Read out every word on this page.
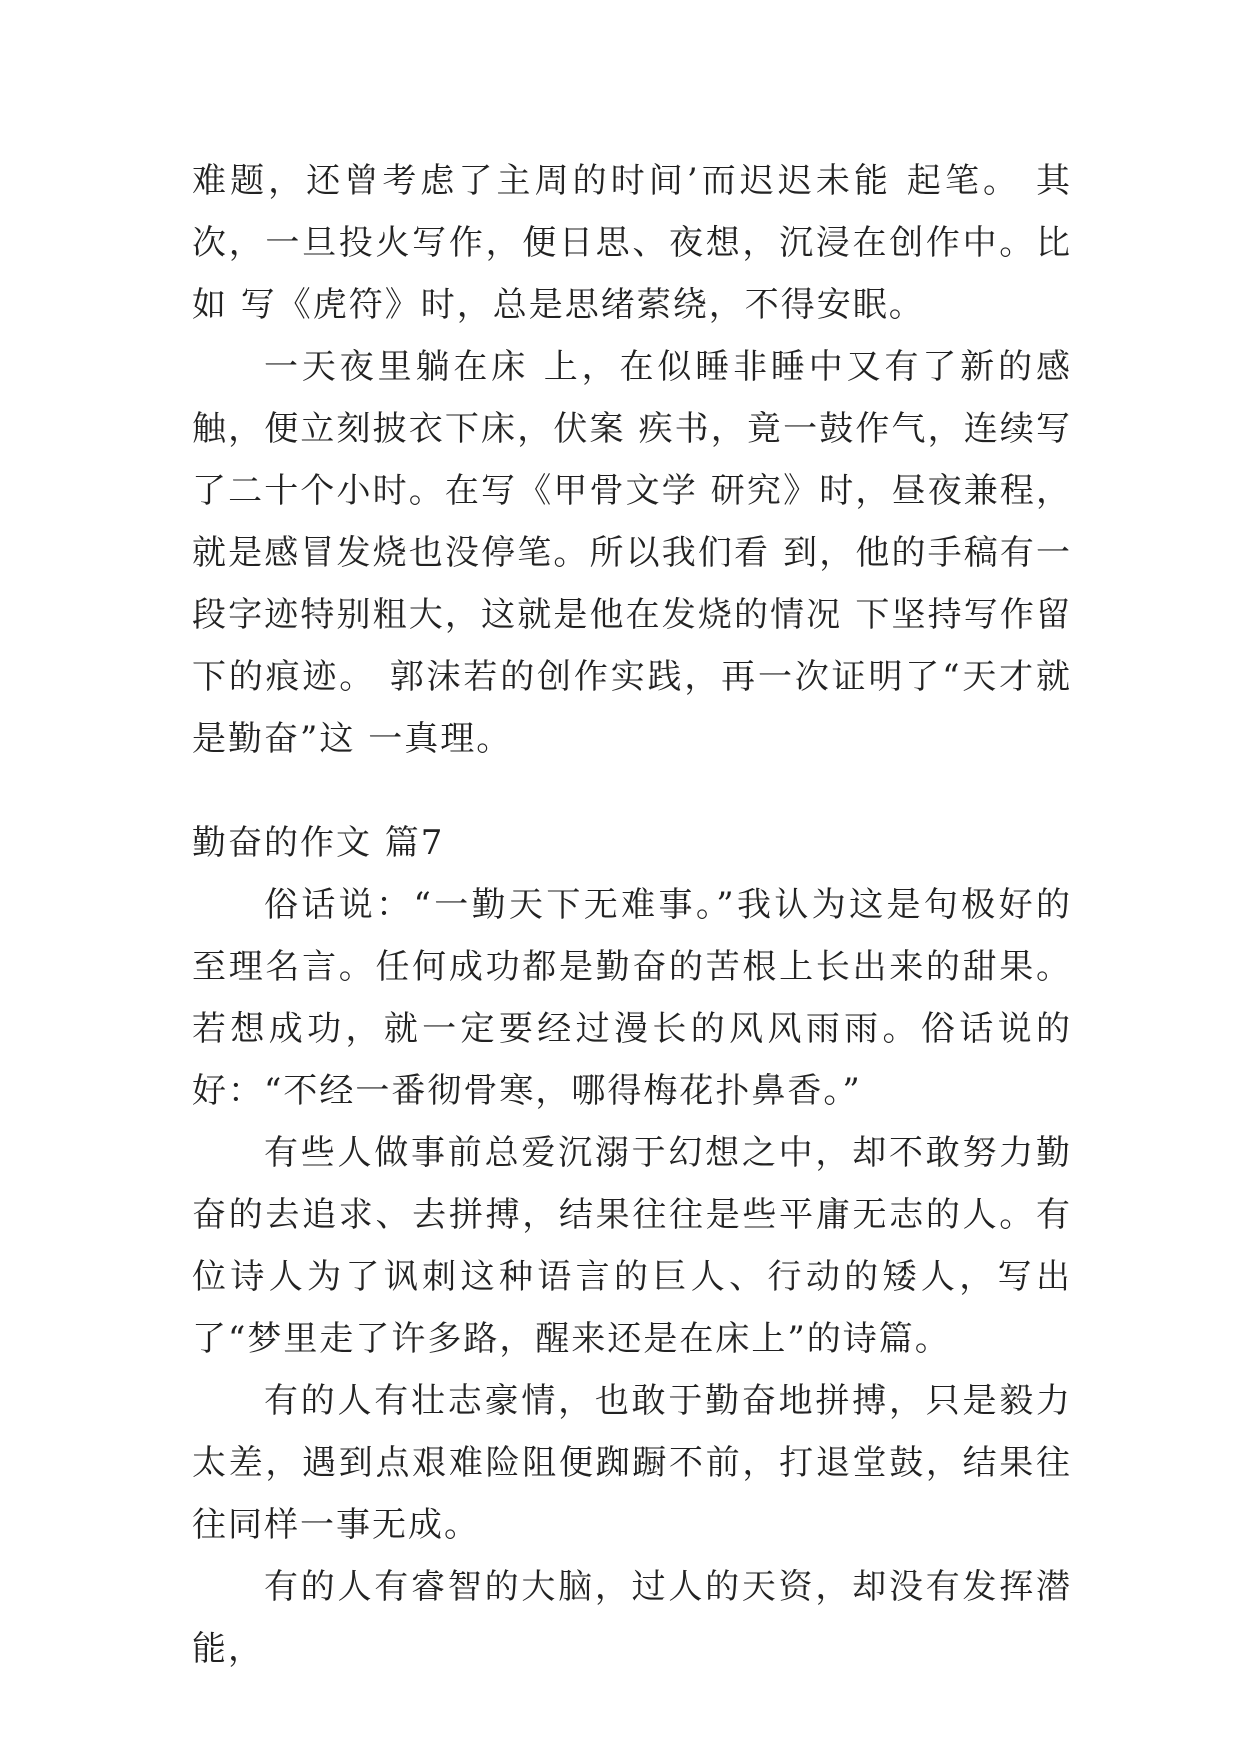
难题，还曾考虑了主周的时间’而迟迟未能 起笔。 其次，一旦投火写作，便日思、夜想，沉浸在创作中。比如 写《虎符》时，总是思绪萦绕，不得安眠。

一天夜里躺在床 上，在似睡非睡中又有了新的感触，便立刻披衣下床，伏案 疾书，竟一鼓作气，连续写了二十个小时。在写《甲骨文学 研究》时，昼夜兼程，就是感冒发烧也没停笔。所以我们看 到，他的手稿有一段字迹特别粗大，这就是他在发烧的情况 下坚持写作留下的痕迹。 郭沫若的创作实践，再一次证明了“天才就是勤奋”这 一真理。

勤奋的作文 篇7

俗话说：“一勤天下无难事。”我认为这是句极好的至理名言。任何成功都是勤奋的苦根上长出来的甜果。若想成功，就一定要经过漫长的风风雨雨。俗话说的好：“不经一番彻骨寒，哪得梅花扑鼻香。”

有些人做事前总爱沉溺于幻想之中，却不敢努力勤奋的去追求、去拼搏，结果往往是些平庸无志的人。有位诗人为了讽刺这种语言的巨人、行动的矮人，写出了“梦里走了许多路，醒来还是在床上”的诗篇。

有的人有壮志豪情，也敢于勤奋地拼搏，只是毅力太差，遇到点艰难险阻便踟蹰不前，打退堂鼓，结果往往同样一事无成。

有的人有睿智的大脑，过人的天资，却没有发挥潜能，
